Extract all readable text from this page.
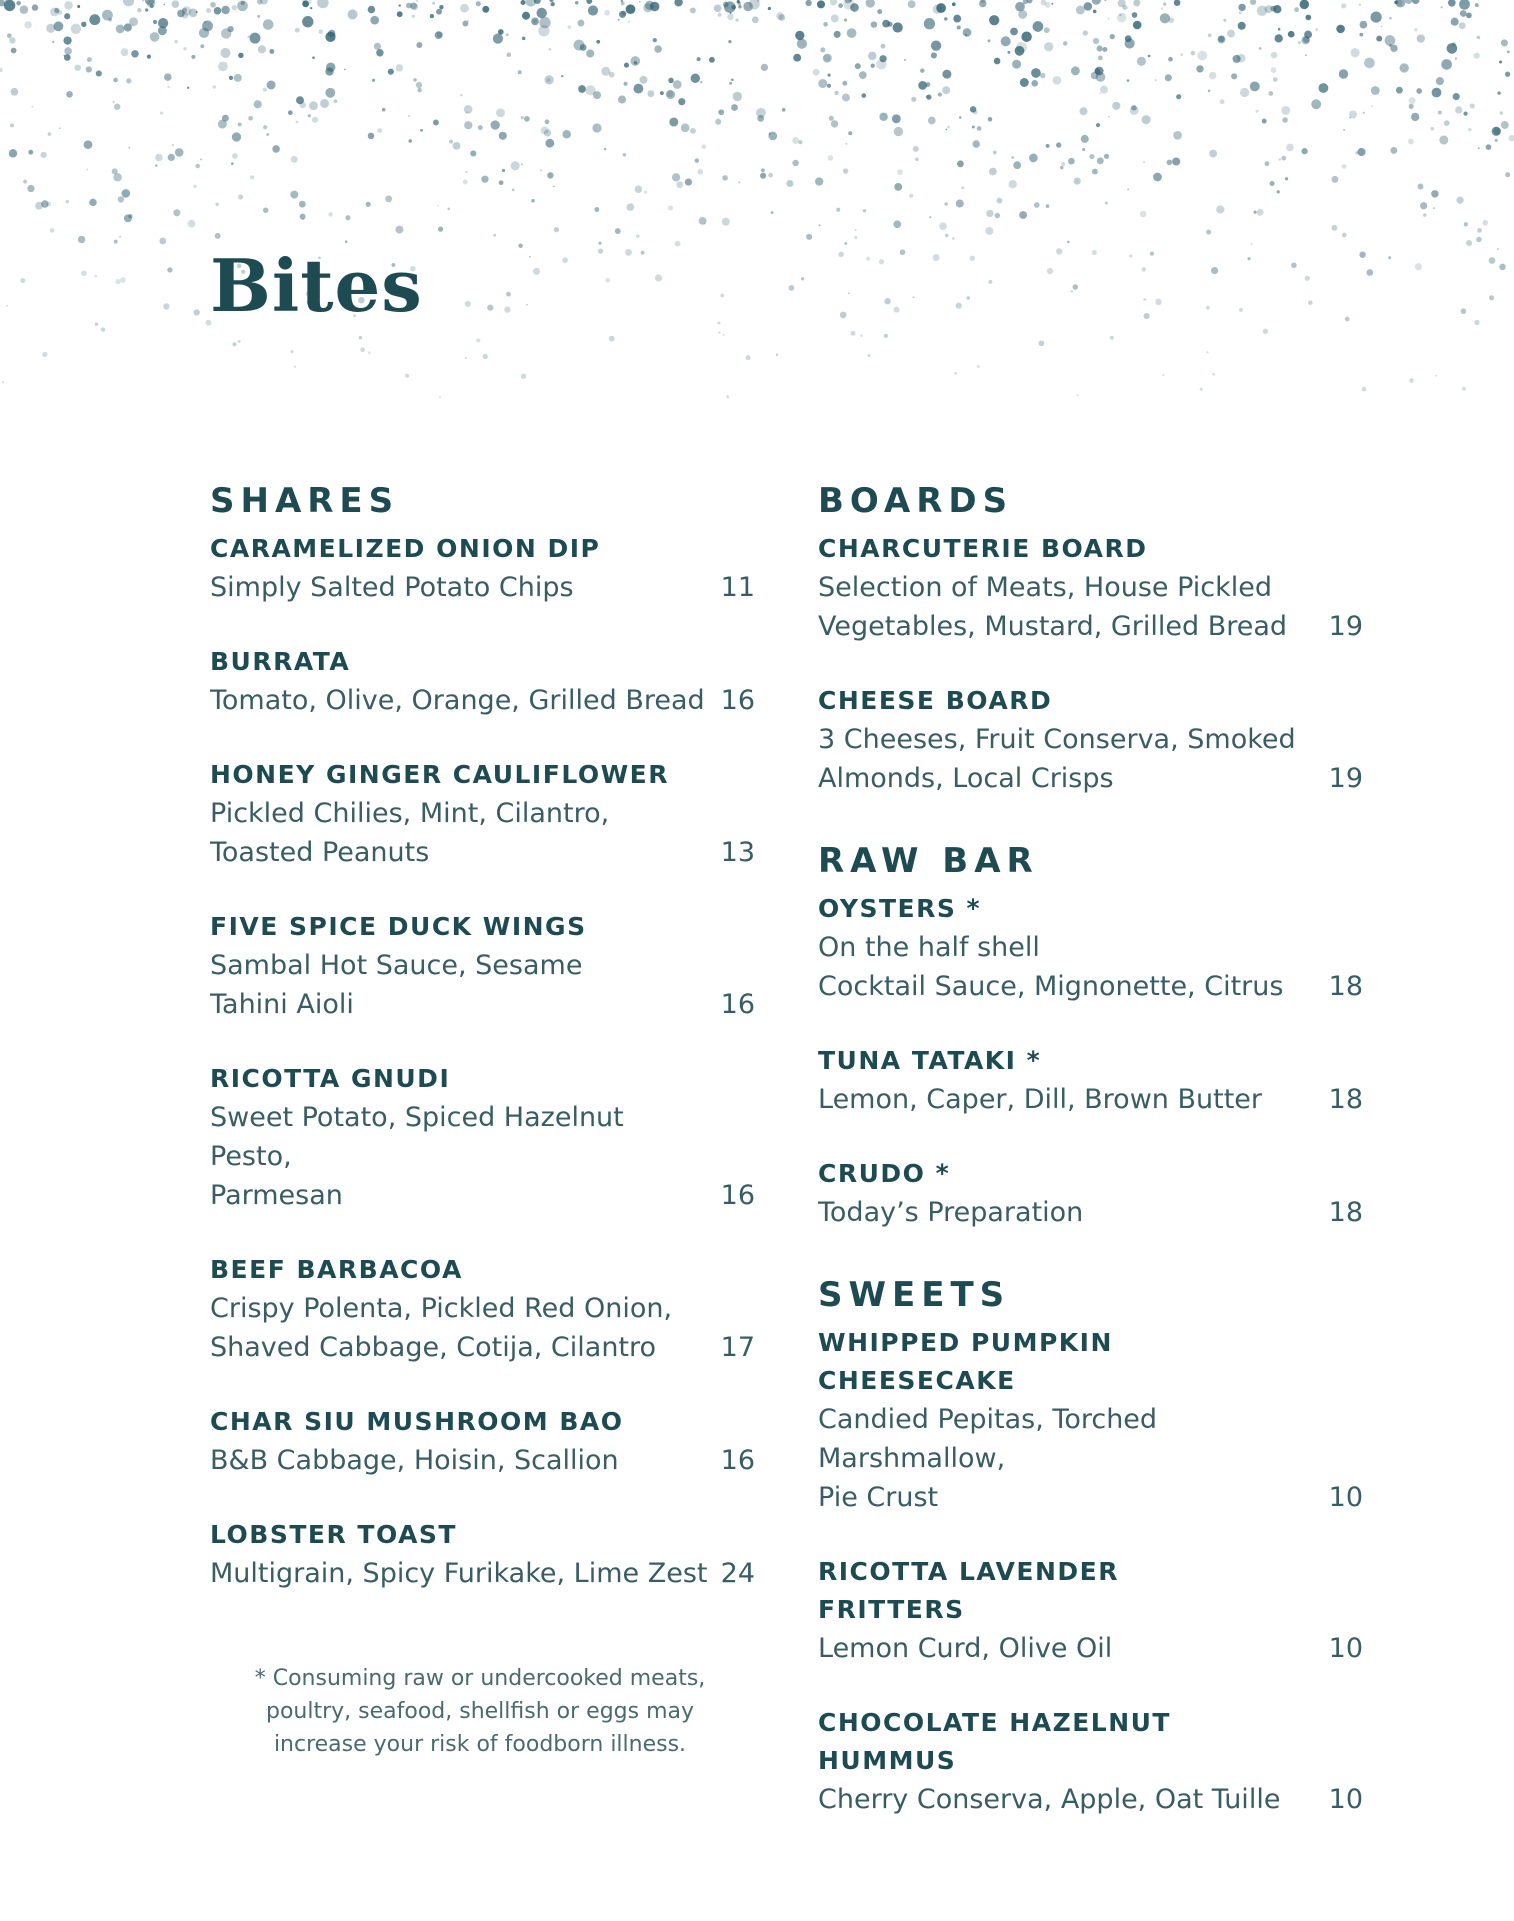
Bites
SHARES
CARAMELIZED ONION DIP
Simply Salted Potato Chips	11
BURRATA
Tomato, Olive, Orange, Grilled Bread 16
HONEY GINGER CAULIFLOWER
Pickled Chilies, Mint, Cilantro,
Toasted Peanuts	13
FIVE SPICE DUCK WINGS
Sambal Hot Sauce, Sesame
Tahini Aioli	16
RICOTTA GNUDI
Sweet Potato, Spiced Hazelnut Pesto,
Parmesan	16
BEEF BARBACOA
Crispy Polenta, Pickled Red Onion,
Shaved Cabbage, Cotija, Cilantro	17
CHAR SIU MUSHROOM BAO
B&B Cabbage, Hoisin, Scallion	16
LOBSTER TOAST
Multigrain, Spicy Furikake, Lime Zest 24
BOARDS
CHARCUTERIE BOARD
Selection of Meats, House Pickled
Vegetables, Mustard, Grilled Bread 19
CHEESE BOARD
3 Cheeses, Fruit Conserva, Smoked
Almonds, Local Crisps	19
RAW BAR
OYSTERS *
On the half shell
Cocktail Sauce, Mignonette, Citrus 18
TUNA TATAKI *
Lemon, Caper, Dill, Brown Butter 18
CRUDO *
Today’s Preparation	18
SWEETS
WHIPPED PUMPKIN
CHEESECAKE
Candied Pepitas, Torched Marshmallow,
Pie Crust	10
RICOTTA LAVENDER
FRITTERS
Lemon Curd, Olive Oil	10
CHOCOLATE HAZELNUT
HUMMUS
Cherry Conserva, Apple, Oat Tuille 10
* Consuming raw or undercooked meats,
poultry, seafood, shellfish or eggs may
increase your risk of foodborn illness.
